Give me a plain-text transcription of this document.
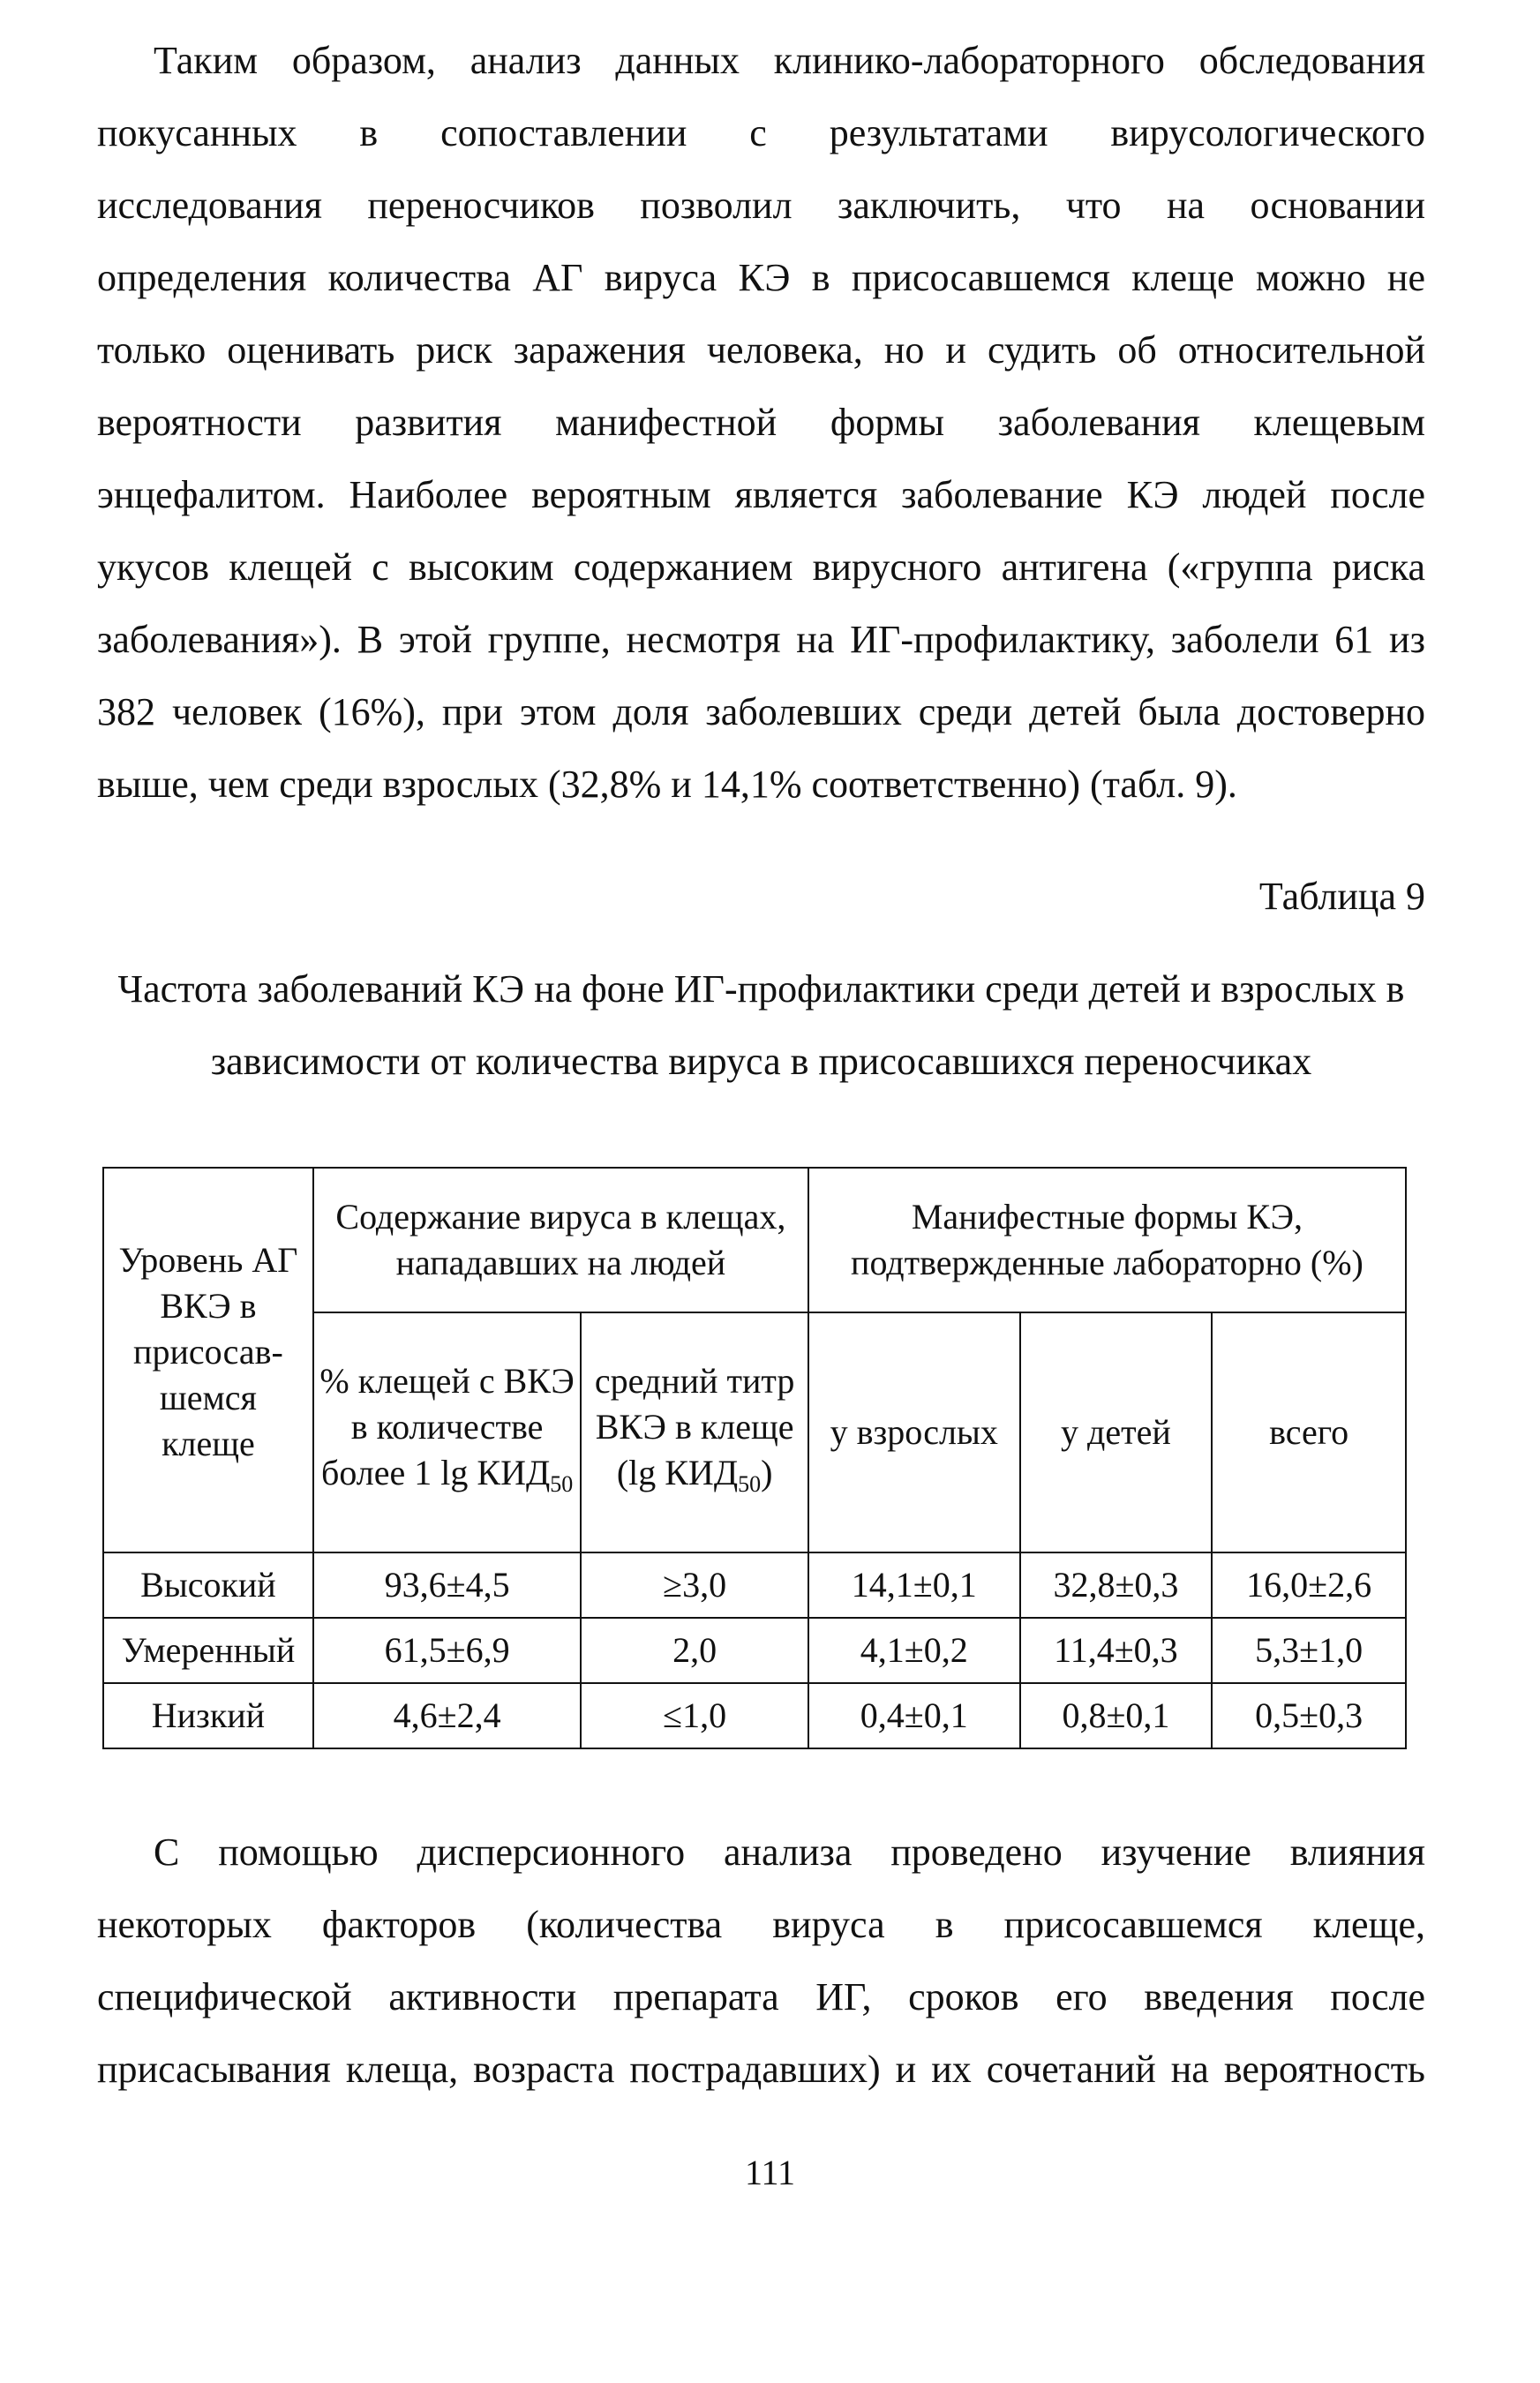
Таким образом, анализ данных клинико-лабораторного обследования
покусанных в сопоставлении с результатами вирусологического
исследования переносчиков позволил заключить, что на основании
определения количества АГ вируса КЭ в присосавшемся клеще можно не
только оценивать риск заражения человека, но и судить об относительной
вероятности развития манифестной формы заболевания клещевым
энцефалитом. Наиболее вероятным является заболевание КЭ людей после
укусов клещей с высоким содержанием вирусного антигена («группа риска
заболевания»). В этой группе, несмотря на ИГ-профилактику, заболели 61 из
382 человек (16%), при этом доля заболевших среди детей была достоверно
выше, чем среди взрослых (32,8% и 14,1% соответственно) (табл. 9).
Таблица 9
Частота заболеваний КЭ на фоне ИГ-профилактики среди детей и взрослых в
зависимости от количества вируса в присосавшихся переносчиках
Уровень АГ ВКЭ в присосав-шемся клеще	Содержание вируса в клещах, нападавших на людей		Манифестные формы КЭ, подтвержденные лабораторно (%)		
	% клещей с ВКЭ в количестве более 1 $\lg КИД_{50}$	средний титр ВКЭ в клеще (lg $КИД_{50}$)	у взрослых	у детей	всего
Высокий	93,6±4,5	≥3,0	14,1±0,1	32,8±0,3	16,0±2,6
Умеренный	61,5±6,9	2,0	4,1±0,2	11,4±0,3	5,3±1,0
Низкий	4,6±2,4	≤1,0	0,4±0,1	0,8±0,1	0,5±0,3
С помощью дисперсионного анализа проведено изучение влияния
некоторых факторов (количества вируса в присосавшемся клеще,
специфической активности препарата ИГ, сроков его введения после
присасывания клеща, возраста пострадавших) и их сочетаний на вероятность
111
